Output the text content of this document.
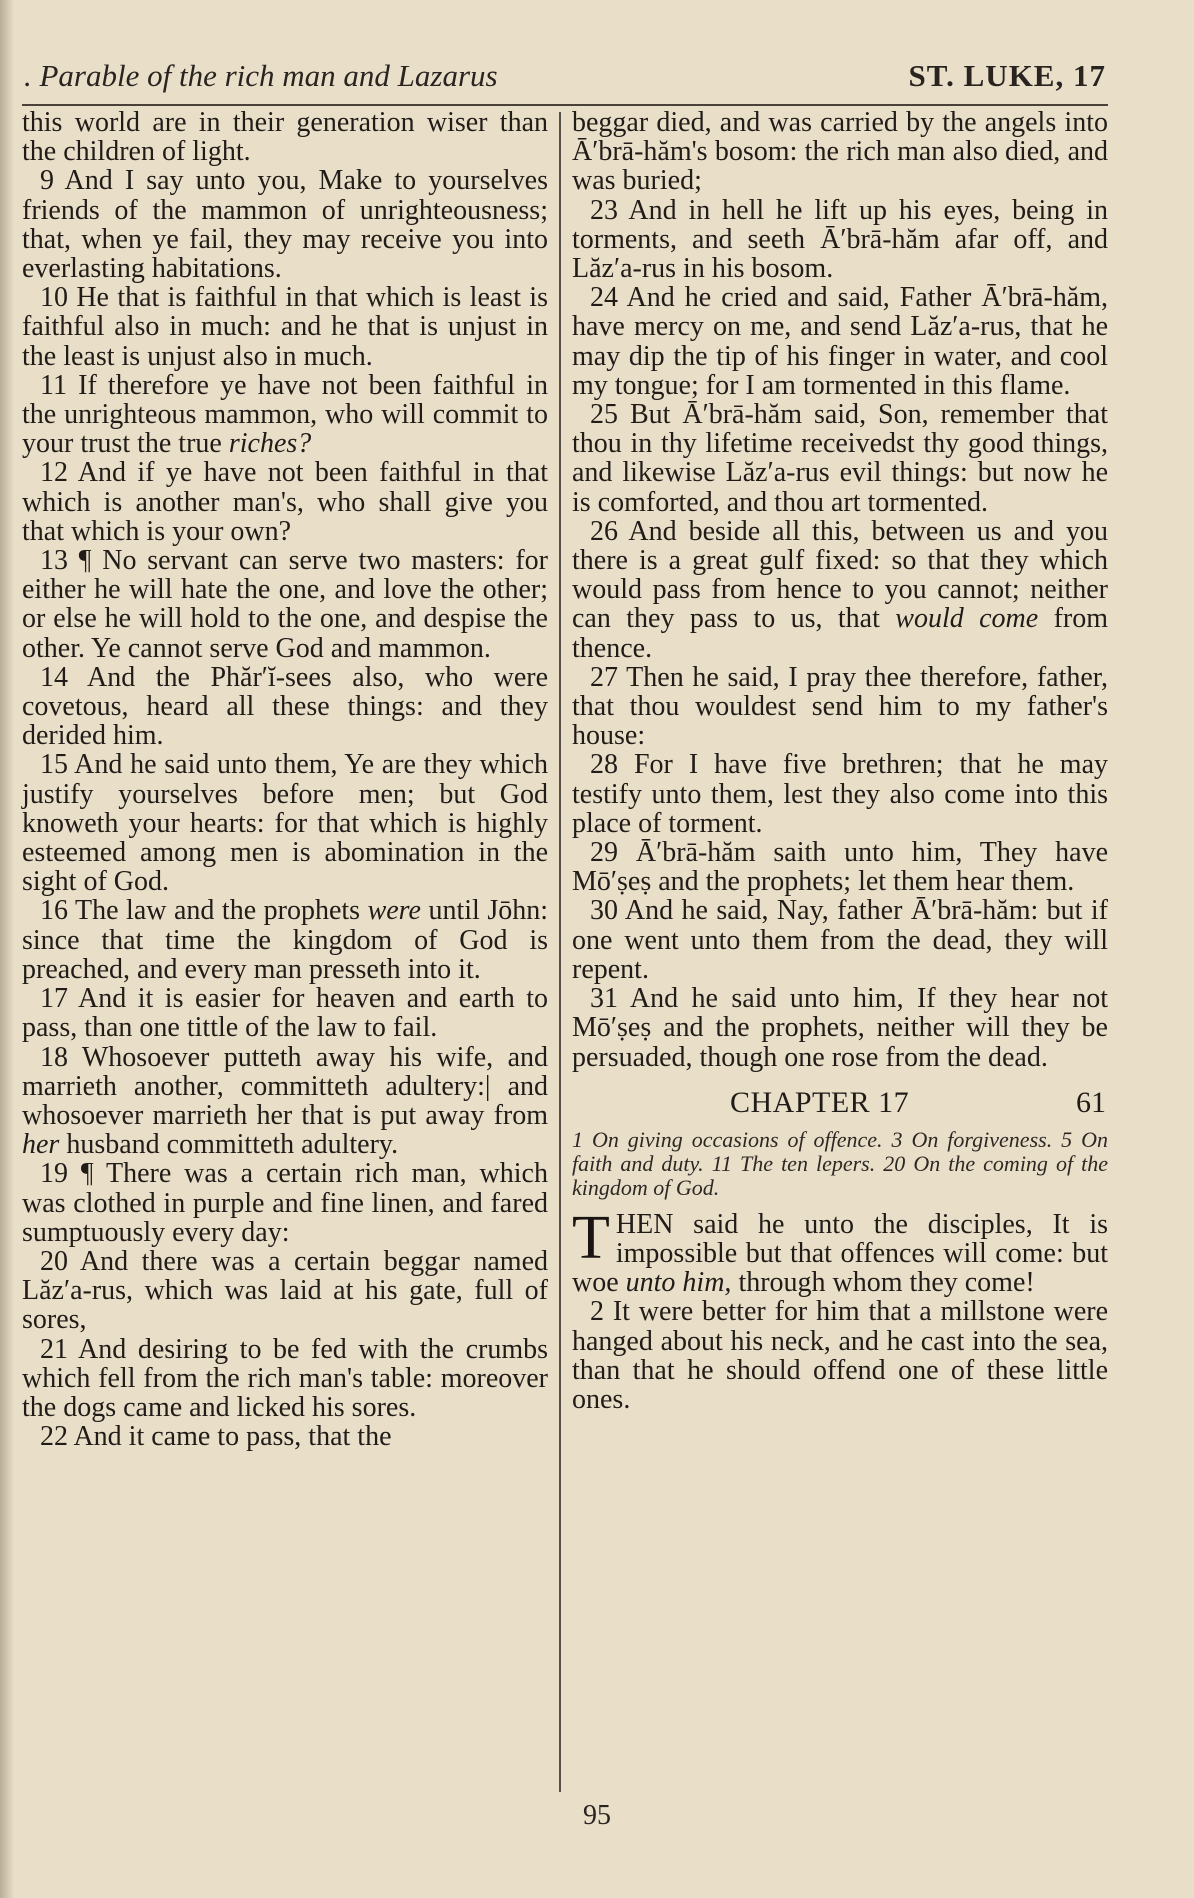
. Parable of the rich man and Lazarus	ST. LUKE, 17

this world are in their generation wiser than the children of light.

9 And I say unto you, Make to yourselves friends of the mammon of unrighteousness; that, when ye fail, they may receive you into everlasting habitations.

10 He that is faithful in that which is least is faithful also in much: and he that is unjust in the least is unjust also in much.

11 If therefore ye have not been faithful in the unrighteous mammon, who will commit to your trust the true riches?

12 And if ye have not been faithful in that which is another man's, who shall give you that which is your own?

13 ¶ No servant can serve two masters: for either he will hate the one, and love the other; or else he will hold to the one, and despise the other. Ye cannot serve God and mammon.

14 And the Phăr′ĭ-sees also, who were covetous, heard all these things: and they derided him.

15 And he said unto them, Ye are they which justify yourselves before men; but God knoweth your hearts: for that which is highly esteemed among men is abomination in the sight of God.

16 The law and the prophets were until Jōhn: since that time the kingdom of God is preached, and every man presseth into it.

17 And it is easier for heaven and earth to pass, than one tittle of the law to fail.

18 Whosoever putteth away his wife, and marrieth another, committeth adultery:| and whosoever marrieth her that is put away from her husband committeth adultery.

19 ¶ There was a certain rich man, which was clothed in purple and fine linen, and fared sumptuously every day:

20 And there was a certain beggar named Lăz′a-rus, which was laid at his gate, full of sores,

21 And desiring to be fed with the crumbs which fell from the rich man's table: moreover the dogs came and licked his sores.

22 And it came to pass, that the

beggar died, and was carried by the angels into Ā′brā-hăm's bosom: the rich man also died, and was buried;

23 And in hell he lift up his eyes, being in torments, and seeth Ā′brā-hăm afar off, and Lăz′a-rus in his bosom.

24 And he cried and said, Father Ā′brā-hăm, have mercy on me, and send Lăz′a-rus, that he may dip the tip of his finger in water, and cool my tongue; for I am tormented in this flame.

25 But Ā′brā-hăm said, Son, remember that thou in thy lifetime receivedst thy good things, and likewise Lăz′a-rus evil things: but now he is comforted, and thou art tormented.

26 And beside all this, between us and you there is a great gulf fixed: so that they which would pass from hence to you cannot; neither can they pass to us, that would come from thence.

27 Then he said, I pray thee therefore, father, that thou wouldest send him to my father's house:

28 For I have five brethren; that he may testify unto them, lest they also come into this place of torment.

29 Ā′brā-hăm saith unto him, They have Mō′ṣeṣ and the prophets; let them hear them.

30 And he said, Nay, father Ā′brā-hăm: but if one went unto them from the dead, they will repent.

31 And he said unto him, If they hear not Mō′ṣeṣ and the prophets, neither will they be persuaded, though one rose from the dead.

CHAPTER 17	61

1 On giving occasions of offence. 3 On forgiveness. 5 On faith and duty. 11 The ten lepers. 20 On the coming of the kingdom of God.

THEN said he unto the disciples, It is impossible but that offences will come: but woe unto him, through whom they come!

2 It were better for him that a millstone were hanged about his neck, and he cast into the sea, than that he should offend one of these little ones.

95
